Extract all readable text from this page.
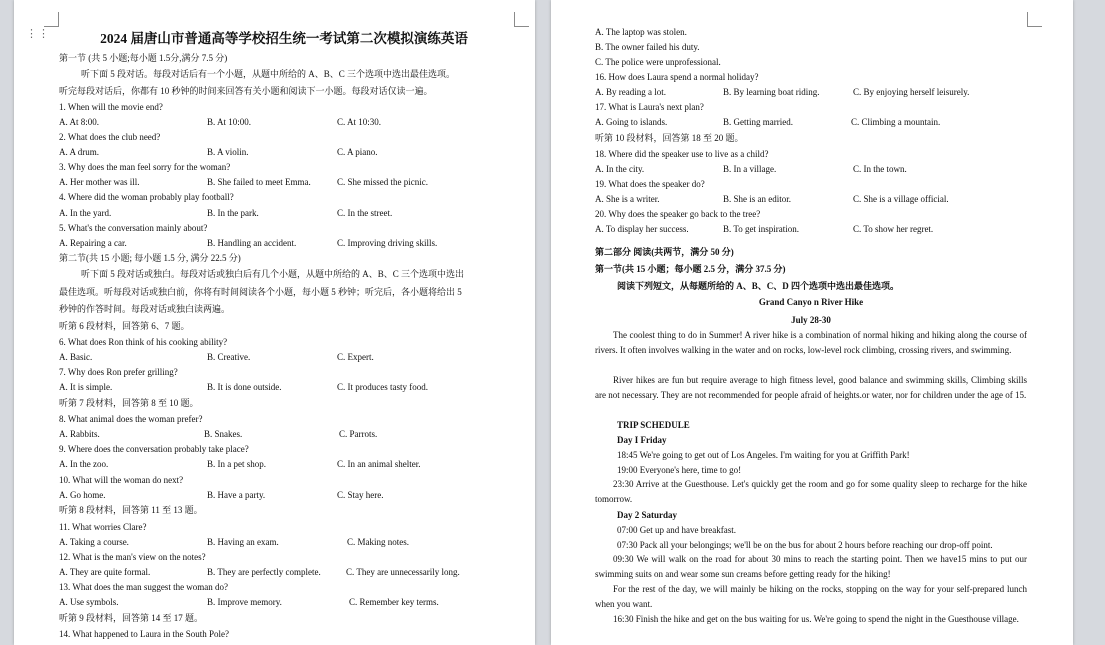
2024 届唐山市普通高等学校招生统一考试第二次模拟演练英语
第一节 (共 5 小题;每小题 1.5分,满分 7.5 分)
听下面 5 段对话。每段对话后有一个小题，从题中所给的 A、B、C 三个选项中选出最佳选项。
听完每段对话后，你都有 10 秒钟的时间来回答有关小题和阅读下一小题。每段对话仅读一遍。
1. When will the movie end?
A. At 8:00.	B. At 10:00.	C. At 10:30.
2. What does the club need?
A. A drum.	B. A violin.	C. A piano.
3. Why does the man feel sorry for the woman?
A. Her mother was ill.	B. She failed to meet Emma.	C. She missed the picnic.
4. Where did the woman probably play football?
A. In the yard.	B. In the park.	C. In the street.
5. What's the conversation mainly about?
A. Repairing a car.	B. Handling an accident.	C. Improving driving skills.
第二节(共 15 小题; 每小题 1.5 分, 满分 22.5 分)
听下面 5 段对话或独白。每段对话或独白后有几个小题，从题中所给的 A、B、C 三个选项中选出
最佳选项。听每段对话或独白前，你将有时间阅读各个小题，每小题 5 秒钟；听完后，各小题将给出 5
秒钟的作答时间。每段对话或独白读两遍。
听第 6 段材料，回答第 6、7 题。
6. What does Ron think of his cooking ability?
A. Basic.	B. Creative.	C. Expert.
7. Why does Ron prefer grilling?
A. It is simple.	B. It is done outside.	C. It produces tasty food.
听第 7 段材料，回答第 8 至 10 题。
8. What animal does the woman prefer?
A. Rabbits.	B. Snakes.	C. Parrots.
9. Where does the conversation probably take place?
A. In the zoo.	B. In a pet shop.	C. In an animal shelter.
10. What will the woman do next?
A. Go home.	B. Have a party.	C. Stay here.
听第 8 段材料，回答第 11 至 13 题。
11. What worries Clare?
A. Taking a course.	B. Having an exam.	C. Making notes.
12. What is the man's view on the notes?
A. They are quite formal.	B. They are perfectly complete.	C. They are unnecessarily long.
13. What does the man suggest the woman do?
A. Use symbols.	B. Improve memory.	C. Remember key terms.
听第 9 段材料，回答第 14 至 17 题。
14. What happened to Laura in the South Pole?
⋮⋮	A. The laptop was stolen.
B. The owner failed his duty.
C. The police were unprofessional.
16. How does Laura spend a normal holiday?
A. By reading a lot.	B. By learning boat riding.	C. By enjoying herself leisurely.
17. What is Laura's next plan?
A. Going to islands.	B. Getting married.	C. Climbing a mountain.
听第 10 段材料，回答第 18 至 20 题。
18. Where did the speaker use to live as a child?
A. In the city.	B. In a village.	C. In the town.
19. What does the speaker do?
A. She is a writer.	B. She is an editor.	C. She is a village official.
20. Why does the speaker go back to the tree?
A. To display her success.	B. To get inspiration.	C. To show her regret.
第二部分 阅读(共两节，满分 50 分)
第一节(共 15 小题；每小题 2.5 分，满分 37.5 分)
阅读下列短文，从每题所给的 A、B、C、D 四个选项中选出最佳选项。
Grand Canyo n River Hike
July 28-30
The coolest thing to do in Summer! A river hike is a combination of normal hiking and hiking along the course of rivers. It often involves walking in the water and on rocks, low-level rock climbing, crossing rivers, and swimming.
River hikes are fun but require average to high fitness level, good balance and swimming skills, Climbing skills are not necessary. They are not recommended for people afraid of heights.or water, nor for children under the age of 15.
TRIP SCHEDULE
Day I Friday
18:45 We're going to get out of Los Angeles. I'm waiting for you at Griffith Park!
19:00 Everyone's here, time to go!
23:30 Arrive at the Guesthouse. Let's quickly get the room and go for some quality sleep to recharge for the hike tomorrow.
Day 2 Saturday
07:00 Get up and have breakfast.
07:30 Pack all your belongings; we'll be on the bus for about 2 hours before reaching our drop-off point.
09:30 We will walk on the road for about 30 mins to reach the starting point. Then we have15 mins to put our swimming suits on and wear some sun creams before getting ready for the hiking!
For the rest of the day, we will mainly be hiking on the rocks, stopping on the way for your self-prepared lunch when you want.
16:30 Finish the hike and get on the bus waiting for us. We're going to spend the night in the Guesthouse village.
